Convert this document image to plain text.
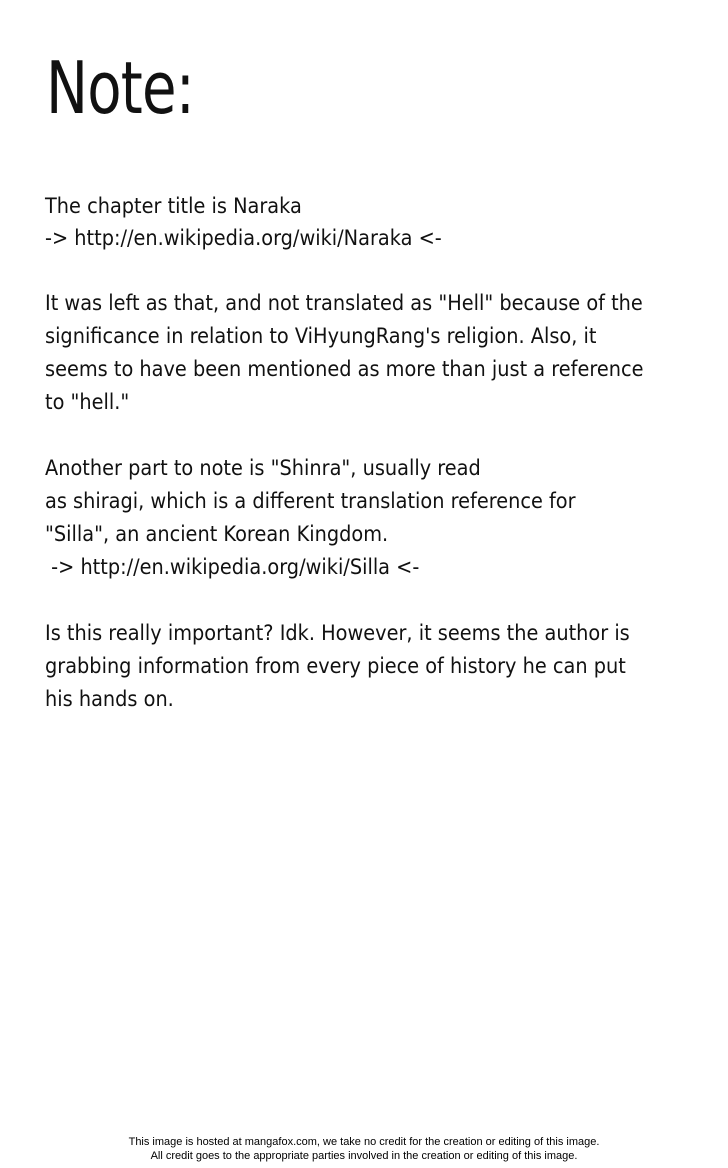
Note:

The chapter title is Naraka

-> http://en.wikipedia.org/wiki/Naraka <-

It was left as that, and not translated as "Hell" because of the

significance in relation to ViHyungRang's religion. Also, it

seems to have been mentioned as more than just a reference

to "hell."

Another part to note is "Shinra", usually read

as shiragi, which is a different translation reference for

"Silla", an ancient Korean Kingdom.

-> http://en.wikipedia.org/wiki/Silla <-

Is this really important? Idk. However, it seems the author is

grabbing information from every piece of history he can put

his hands on.

This image is hosted at mangafox.com, we take no credit for the creation or editing of this image.
All credit goes to the appropriate parties involved in the creation or editing of this image.
